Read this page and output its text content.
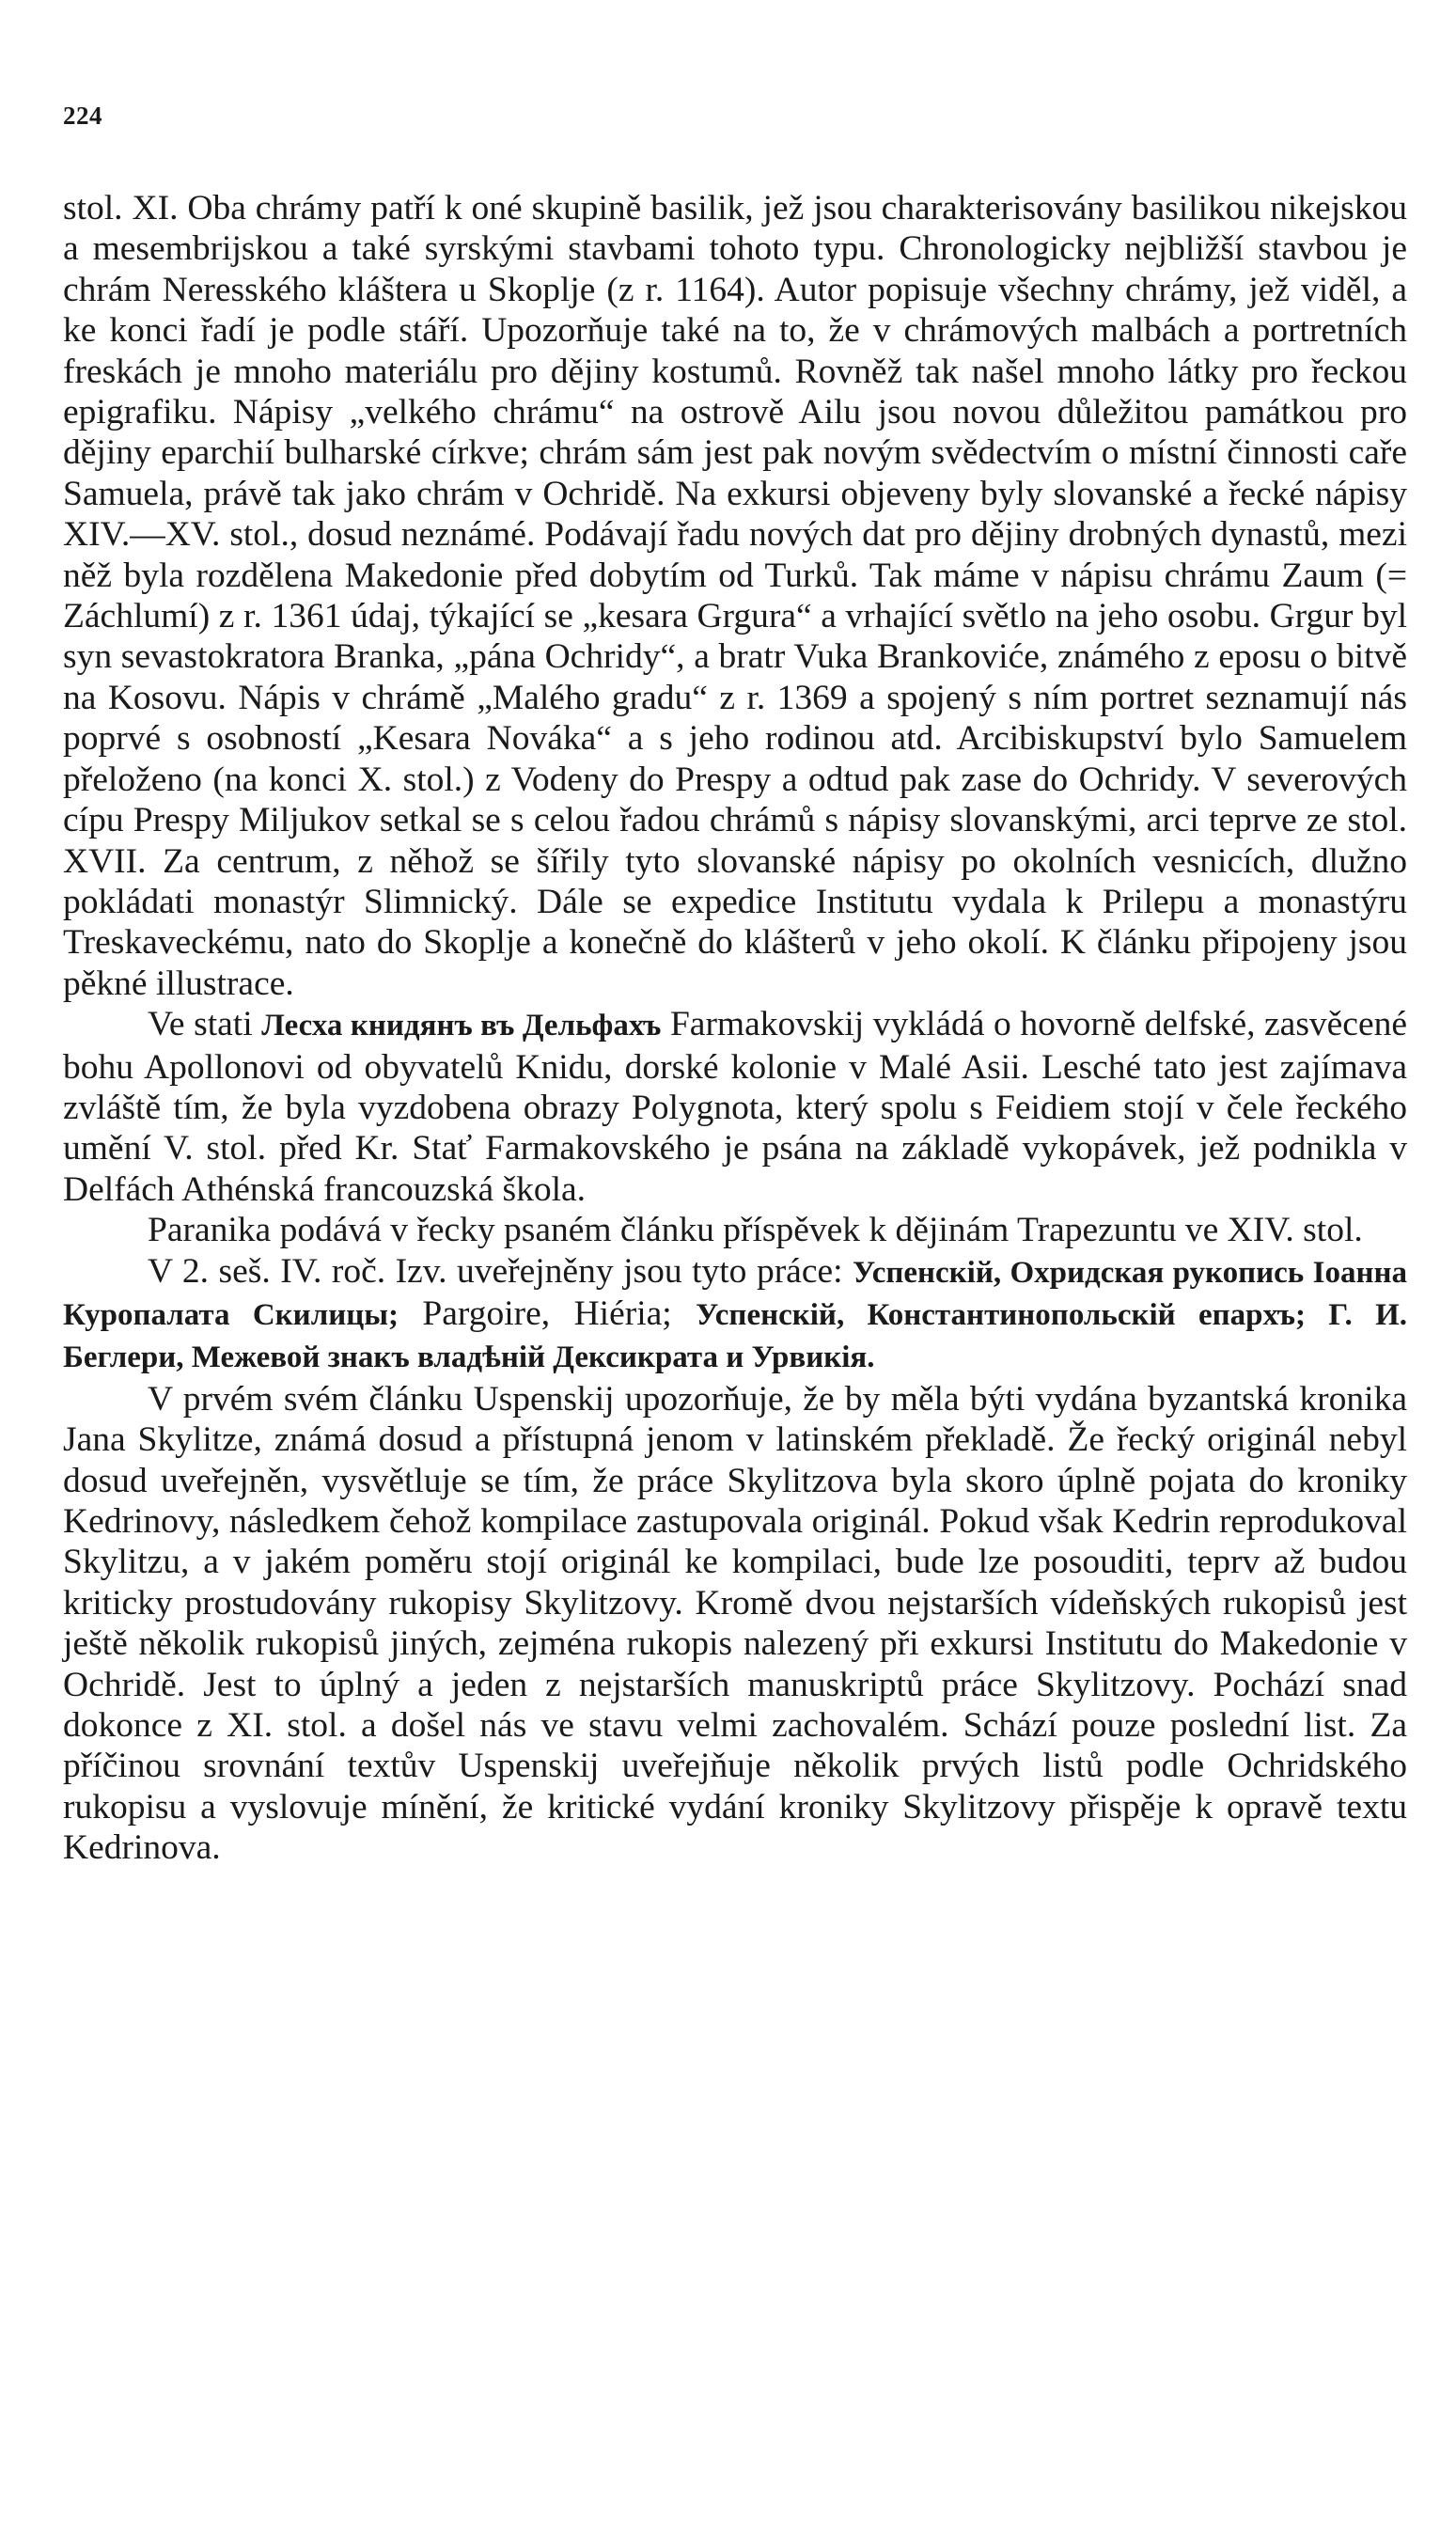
224

stol. XI. Oba chrámy patří k oné skupině basilik, jež jsou charakterisovány basilikou nikejskou a mesembrijskou a také syrskými stavbami tohoto typu. Chronologicky nejbližší stavbou je chrám Neresského kláštera u Skoplje (z r. 1164). Autor popisuje všechny chrámy, jež viděl, a ke konci řadí je podle stáří. Upozorňuje také na to, že v chrámových malbách a portretních freskách je mnoho materiálu pro dějiny kostumů. Rovněž tak našel mnoho látky pro řeckou epigrafiku. Nápisy „velkého chrámu“ na ostrově Ailu jsou novou důležitou památkou pro dějiny eparchií bulharské církve; chrám sám jest pak novým svědectvím o místní činnosti caře Samuela, právě tak jako chrám v Ochridě. Na exkursi objeveny byly slovanské a řecké nápisy XIV.—XV. stol., dosud neznámé. Podávají řadu nových dat pro dějiny drobných dynastů, mezi něž byla rozdělena Makedonie před dobytím od Turků. Tak máme v nápisu chrámu Zaum (= Záchlumí) z r. 1361 údaj, týkající se „kesara Grgura“ a vrhající světlo na jeho osobu. Grgur byl syn sevastokratora Branka, „pána Ochridy“, a bratr Vuka Brankoviće, známého z eposu o bitvě na Kosovu. Nápis v chrámě „Malého gradu“ z r. 1369 a spojený s ním portret seznamují nás poprvé s osobností „Kesara Nováka“ a s jeho rodinou atd. Arcibiskupství bylo Samuelem přeloženo (na konci X. stol.) z Vodeny do Prespy a odtud pak zase do Ochridy. V severových cípu Prespy Miljukov setkal se s celou řadou chrámů s nápisy slovanskými, arci teprve ze stol. XVII. Za centrum, z něhož se šířily tyto slovanské nápisy po okolních vesnicích, dlužno pokládati monastýr Slimnický. Dále se expedice Institutu vydala k Prilepu a monastýru Treskaveckému, nato do Skoplje a konečně do klášterů v jeho okolí. K článku připojeny jsou pěkné illustrace.

Ve stati Лесха книдянъ въ Дельфахъ Farmakovskij vykládá o hovorně delfské, zasvěcené bohu Apollonovi od obyvatelů Knidu, dorské kolonie v Malé Asii. Lesché tato jest zajímava zvláště tím, že byla vyzdobena obrazy Polygnota, který spolu s Feidiem stojí v čele řeckého umění V. stol. před Kr. Stať Farmakovského je psána na základě vykopávek, jež podnikla v Delfách Athénská francouzská škola.

Paranika podává v řecky psaném článku příspěvek k dějinám Trapezuntu ve XIV. stol.

V 2. seš. IV. roč. Izv. uveřejněny jsou tyto práce: Успенскій, Охридская рукопись Іоанна Куропалата Скилицы; Pargoire, Hiéria; Успенскій, Константинопольскій епархъ; Г. И. Беглери, Межевой знакъ владѣній Дексикрата и Урвикія.

V prvém svém článku Uspenskij upozorňuje, že by měla býti vydána byzantská kronika Jana Skylitze, známá dosud a přístupná jenom v latinském překladě. Že řecký originál nebyl dosud uveřejněn, vysvětluje se tím, že práce Skylitzova byla skoro úplně pojata do kroniky Kedrinovy, následkem čehož kompilace zastupovala originál. Pokud však Kedrin reprodukoval Skylitzu, a v jakém poměru stojí originál ke kompilaci, bude lze posouditi, teprv až budou kriticky prostudovány rukopisy Skylitzovy. Kromě dvou nejstarších vídeňských rukopisů jest ještě několik rukopisů jiných, zejména rukopis nalezený při exkursi Institutu do Makedonie v Ochridě. Jest to úplný a jeden z nejstarších manuskriptů práce Skylitzovy. Pochází snad dokonce z XI. stol. a došel nás ve stavu velmi zachovalém. Schází pouze poslední list. Za příčinou srovnání textův Uspenskij uveřejňuje několik prvých listů podle Ochridského rukopisu a vyslovuje mínění, že kritické vydání kroniky Skylitzovy přispěje k opravě textu Kedrinova.
